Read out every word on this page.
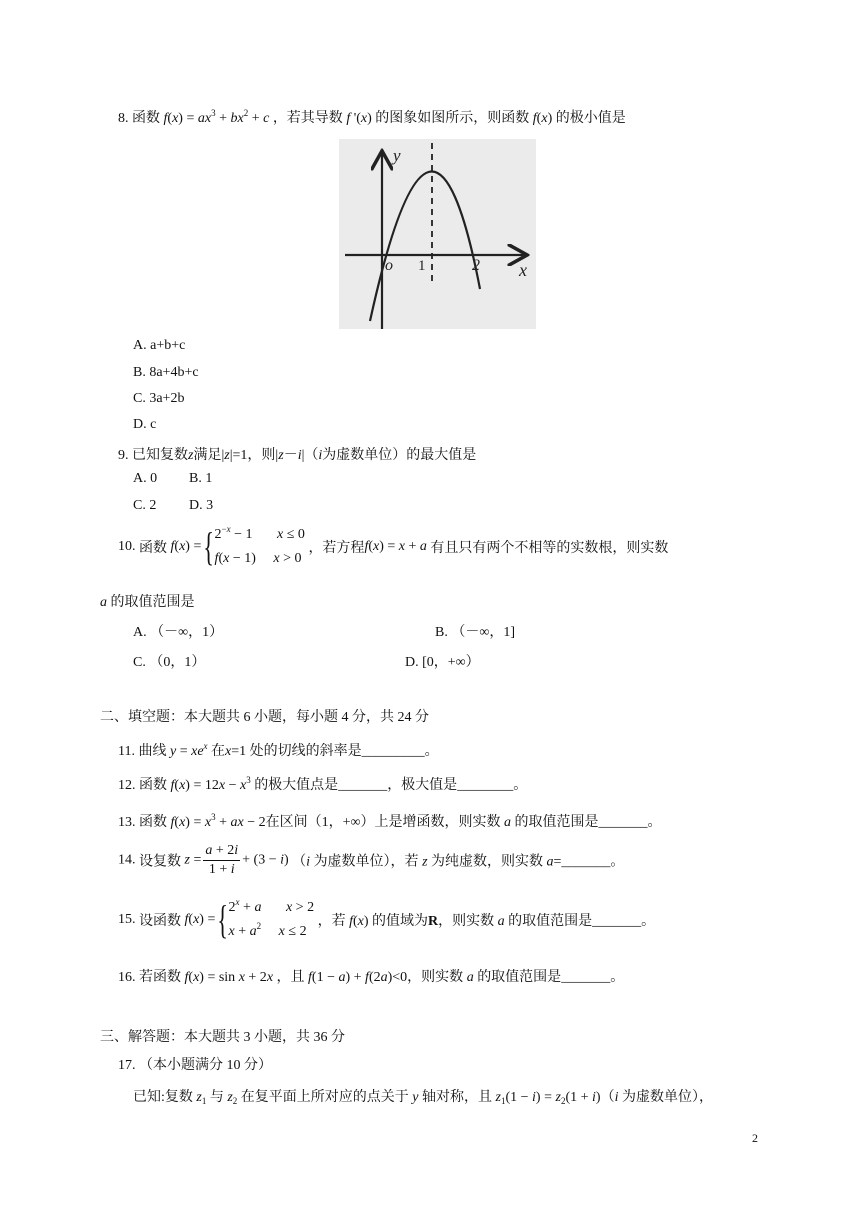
8. 函数 $f(x) = ax^3 + bx^2 + c$ ，若其导数 f '(x) 的图象如图所示，则函数 f(x) 的极小值是
y
o 1	2 x
A. a+b+c
B. 8a+4b+c
C. 3a+2b
D. c
9. 已知复数z满足|z|=1，则|z－i|（i为虚数单位）的最大值是
A. 0 B. 1
C. 2 D. 3
10. 函数 $f(x) =\{2^{-x} - 1$       x ≤ 0
f(x − 1)     x > 0 ，若方程f(x) = x + a 有且只有两个不相等的实数根，则实数
a 的取值范围是
A. （－∞，1）	B. （－∞，1]
C. （0，1）	D. [0，+∞）
二、填空题：本大题共 6 小题，每小题 4 分，共 24 分
11. 曲线 $y = xe^x$ 在x=1 处的切线的斜率是_________。
12. 函数 $f(x) = 12x - x^3$ 的极大值点是_______，极大值是________。
13. 函数 $f(x) = x^3$ + ax − 2在区间（1，+∞）上是增函数，则实数 a 的取值范围是_______。
14. 设复数 $z = \frac{a + 2i}{1 + i} + (3 - i)$ （i 为虚数单位），若 z 为纯虚数，则实数 a=_______。
15. 设函数 $f(x) =\{2^x + a$ x > 2
$x + a^2$ x ≤ 2 ，若 f(x) 的值域为R，则实数 a 的取值范围是_______。
16. 若函数 f(x) = sin x + 2x ，且 f(1 − a) + f(2a)<0，则实数 a 的取值范围是_______。
三、解答题：本大题共 3 小题，共 36 分
17. （本小题满分 10 分）
已知:复数 $z_1$ 与 $z_2$ 在复平面上所对应的点关于 y 轴对称，且 $z_1(1 - i) = z_2(1 + i)(i$ 为虚数单位），
2
